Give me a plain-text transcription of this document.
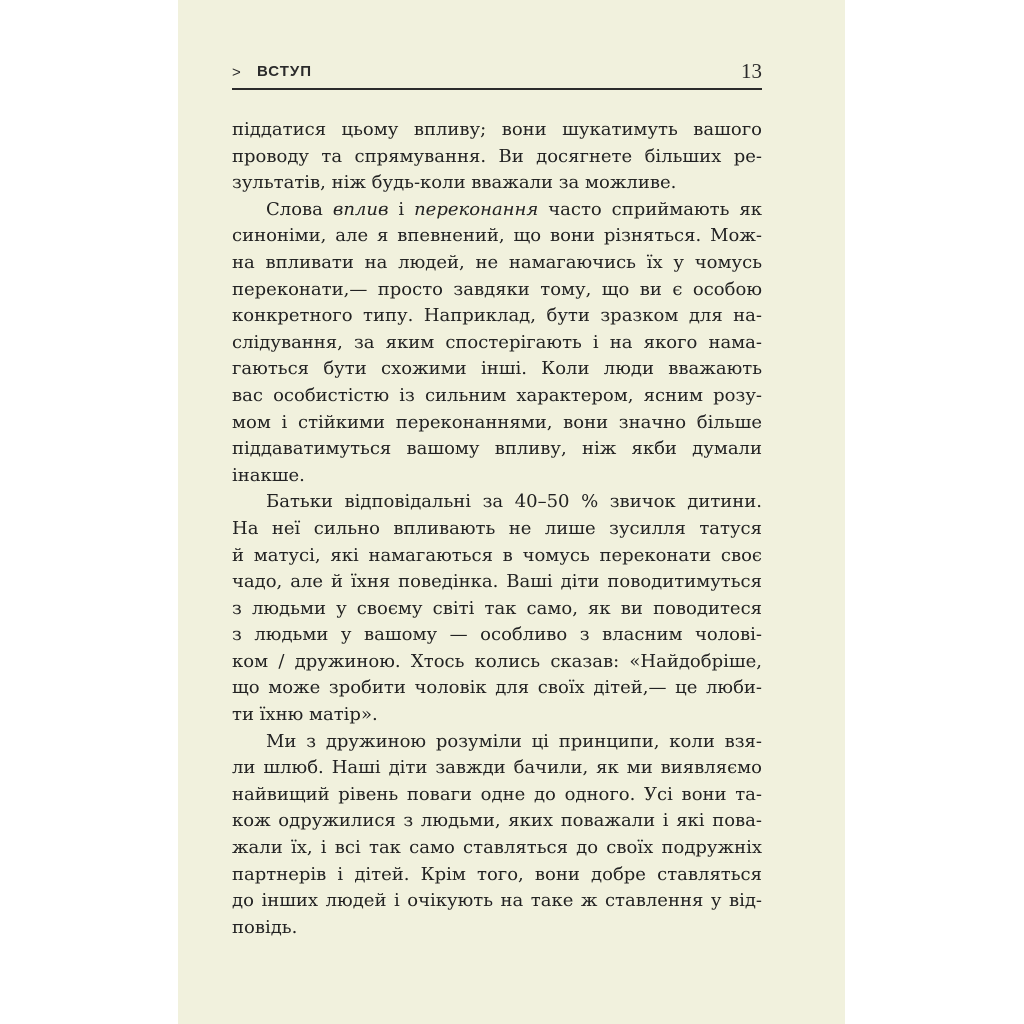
> ВСТУП	13
піддатися цьому впливу; вони шукатимуть вашого
проводу та спрямування. Ви досягнете більших ре-
зультатів, ніж будь-коли вважали за можливе.
Слова вплив і переконання часто сприймають як
синоніми, але я впевнений, що вони різняться. Мож-
на впливати на людей, не намагаючись їх у чомусь
переконати,— просто завдяки тому, що ви є особою
конкретного типу. Наприклад, бути зразком для на-
слідування, за яким спостерігають і на якого нама-
гаються бути схожими інші. Коли люди вважають
вас особистістю із сильним характером, ясним розу-
мом і стійкими переконаннями, вони значно більше
піддаватимуться вашому впливу, ніж якби думали
інакше.
Батьки відповідальні за 40–50 % звичок дитини.
На неї сильно впливають не лише зусилля татуся
й матусі, які намагаються в чомусь переконати своє
чадо, але й їхня поведінка. Ваші діти поводитимуться
з людьми у своєму світі так само, як ви поводитеся
з людьми у вашому — особливо з власним чолові-
ком / дружиною. Хтось колись сказав: «Найдобріше,
що може зробити чоловік для своїх дітей,— це люби-
ти їхню матір».
Ми з дружиною розуміли ці принципи, коли взя-
ли шлюб. Наші діти завжди бачили, як ми виявляємо
найвищий рівень поваги одне до одного. Усі вони та-
кож одружилися з людьми, яких поважали і які пова-
жали їх, і всі так само ставляться до своїх подружніх
партнерів і дітей. Крім того, вони добре ставляться
до інших людей і очікують на таке ж ставлення у від-
повідь.
